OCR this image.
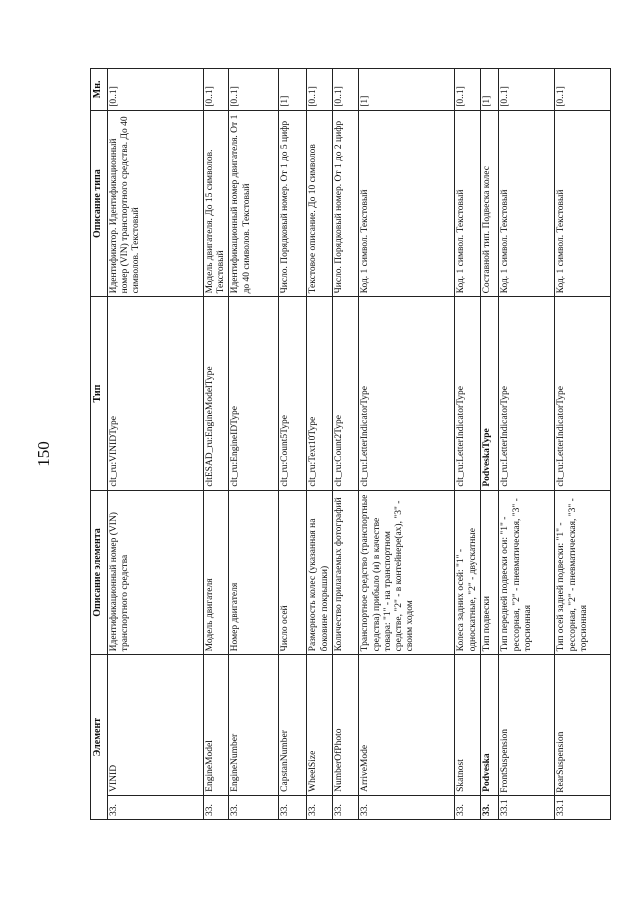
150
Элемент		Описание элемента	Тип	Описание типа	Мн.
33.	VINID	Идентификационный номер (VIN) транспортного средства	clt_ru:VINIDType	Идентификатор. Идентификационный номер (VIN) транспортного средства. До 40 символов. Текстовый	[0..1]
33.	EngineModel	Модель двигателя	cltESAD_ru:EngineModelType	Модель двигателя. До 15 символов. Текстовый	[0..1]
33.	EngineNumber	Номер двигателя	clt_ru:EngineIDType	Идентификационный номер двигателя. От 1 до 40 символов. Текстовый	[0..1]
33.	CapstanNumber	Число осей	clt_ru:Count5Type	Число. Порядковый номер. От 1 до 5 цифр	[1]
33.	WheelSize	Размерность колес (указанная на боковине покрышки)	clt_ru:Text10Type	Текстовое описание. До 10 символов	[0..1]
33.	NumberOfPhoto	Количество прилагаемых фотографий	clt_ru:Count2Type	Число. Порядковый номер. От 1 до 2 цифр	[0..1]
33.	ArriveMode	Транспортное средство (транспортные средства) прибыло (и) в качестве товара: "1" - на транспортном средстве, "2" - в контейнере(ах), "3" - своим ходом	clt_ru:LetterIndicatorType	Код. 1 символ. Текстовый	[1]
33.	Skatnost	Колеса задних осей: "1" - односкатные, "2" - двускатные	clt_ru:LetterIndicatorType	Код. 1 символ. Текстовый	[0..1]
33.	Podveska	Тип подвески	PodveskaType	Составной тип. Подвеска колес	[1]
33.1	FrontSuspension	Тип передней подвески оси: "1" - рессорная, "2" - пневматическая, "3" - торсионная	clt_ru:LetterIndicatorType	Код. 1 символ. Текстовый	[0..1]
33.1	RearSuspension	Тип осей задней подвески: "1" - рессорная, "2" - пневматическая, "3" - торсионная	clt_ru:LetterIndicatorType	Код. 1 символ. Текстовый	[0..1]
